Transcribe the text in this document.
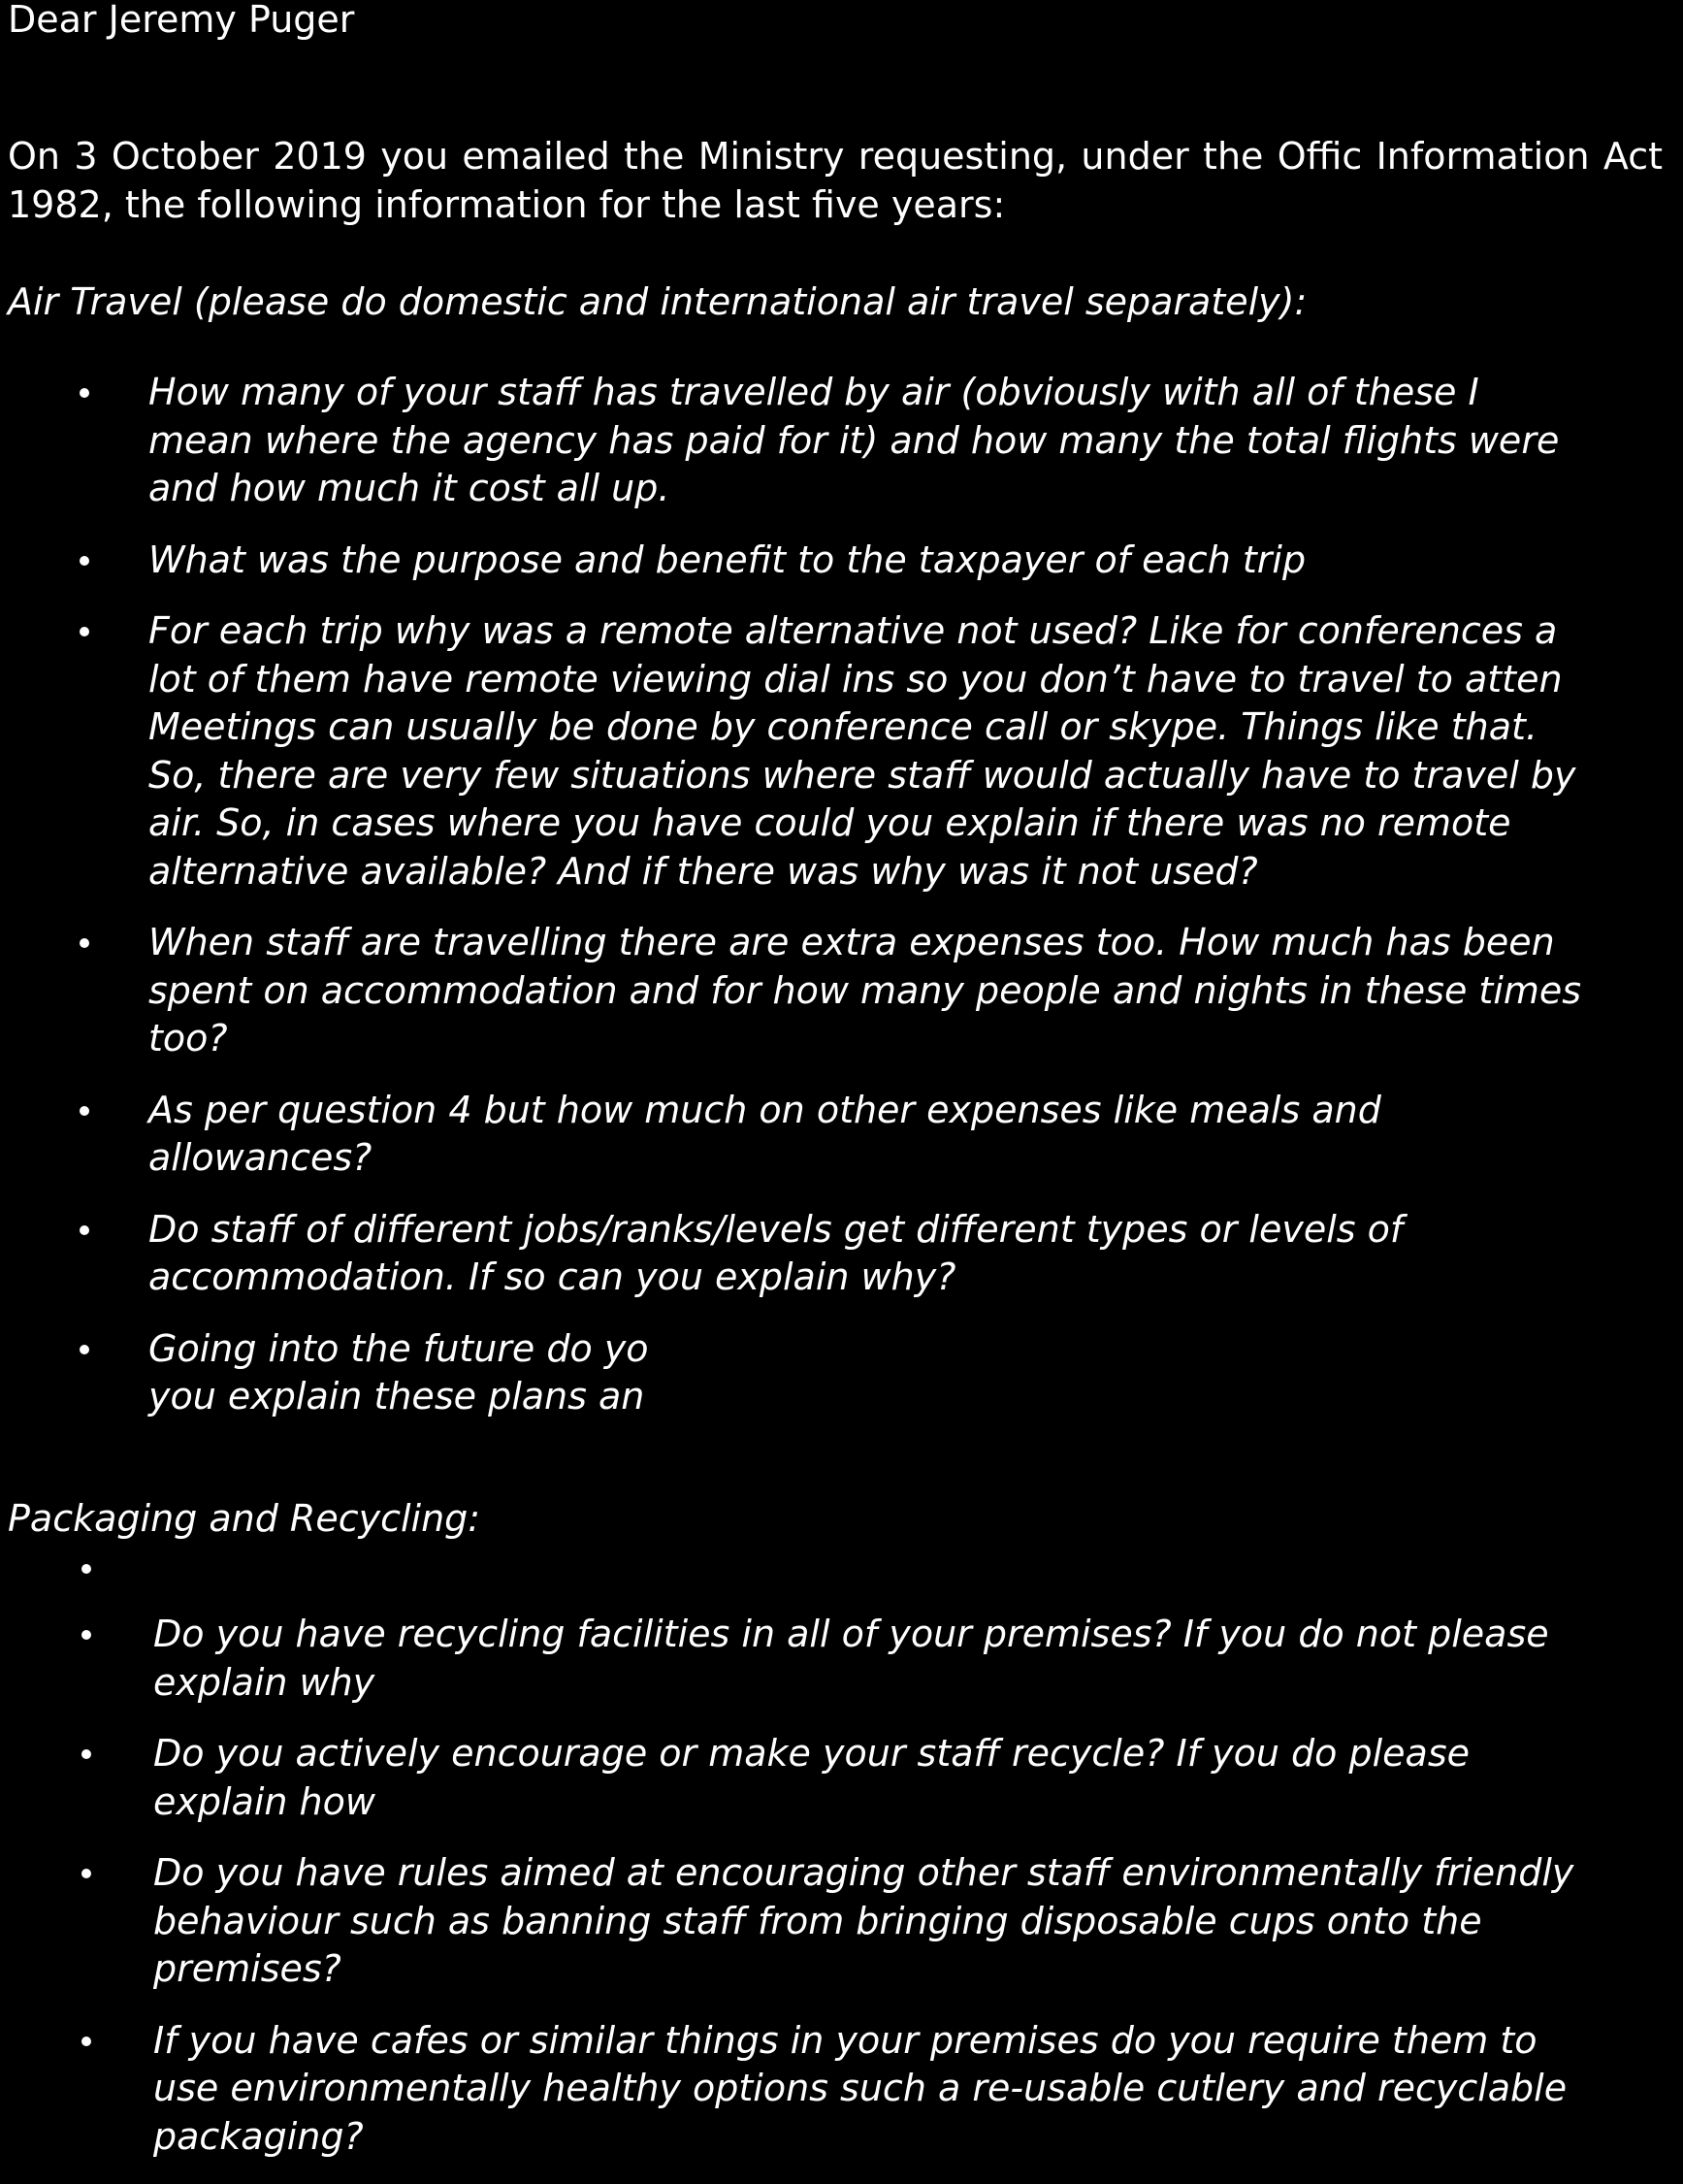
Dear Jeremy Puger
On 3 October 2019 you emailed the Ministry requesting, under the Offic Information Act 1982, the following information for the last five years:
Air Travel (please do domestic and international air travel separately):
How many of your staff has travelled by air (obviously with all of these I
mean where the agency has paid for it) and how many the total flights were
and how much it cost all up.
What was the purpose and benefit to the taxpayer of each trip
For each trip why was a remote alternative not used? Like for conferences a
lot of them have remote viewing dial ins so you don’t have to travel to atten
Meetings can usually be done by conference call or skype. Things like that.
So, there are very few situations where staff would actually have to travel by
air. So, in cases where you have could you explain if there was no remote
alternative available? And if there was why was it not used?
When staff are travelling there are extra expenses too. How much has been
spent on accommodation and for how many people and nights in these times
too?
As per question 4 but how much on other expenses like meals and
allowances?
Do staff of different jobs/ranks/levels get different types or levels of
accommodation. If so can you explain why?
Going into the future do yo
you explain these plans an
Packaging and Recycling:
Do you have recycling facilities in all of your premises? If you do not please
explain why
Do you actively encourage or make your staff recycle? If you do please
explain how
Do you have rules aimed at encouraging other staff environmentally friendly
behaviour such as banning staff from bringing disposable cups onto the
premises?
If you have cafes or similar things in your premises do you require them to
use environmentally healthy options such a re-usable cutlery and recyclable
packaging?
